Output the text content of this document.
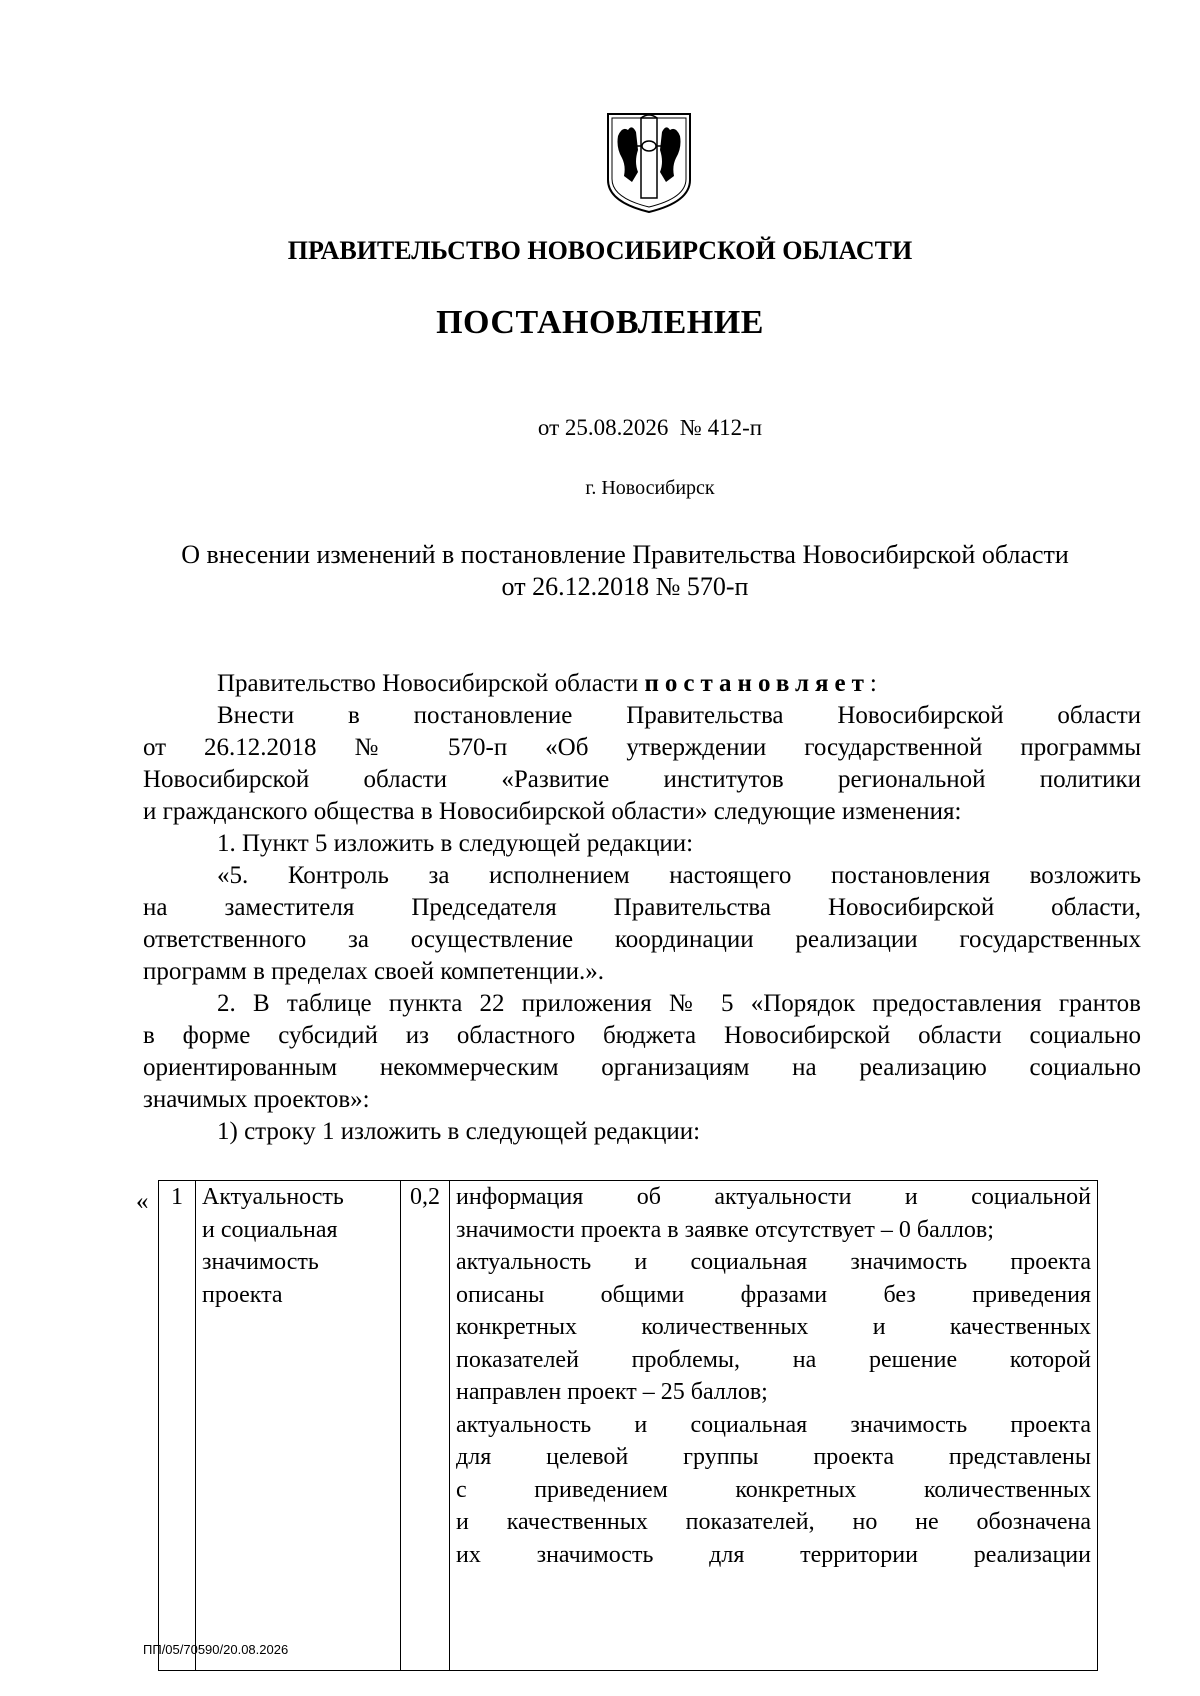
ПРАВИТЕЛЬСТВО НОВОСИБИРСКОЙ ОБЛАСТИ
ПОСТАНОВЛЕНИЕ
от 25.08.2026  № 412-п
г. Новосибирск
О внесении изменений в постановление Правительства Новосибирской области
от 26.12.2018 № 570-п

Правительство Новосибирской области постановляет:

Внести в постановление Правительства Новосибирской области

от 26.12.2018 № 570-п «Об утверждении государственной программы

Новосибирской области «Развитие институтов региональной политики

и гражданского общества в Новосибирской области» следующие изменения:

1. Пункт 5 изложить в следующей редакции:

«5. Контроль за исполнением настоящего постановления возложить

на заместителя Председателя Правительства Новосибирской области,

ответственного за осуществление координации реализации государственных

программ в пределах своей компетенции.».

2. В таблице пункта 22 приложения № 5 «Порядок предоставления грантов

в форме субсидий из областного бюджета Новосибирской области социально

ориентированным некоммерческим организациям на реализацию социально

значимых проектов»:

1) строку 1 изложить в следующей редакции:

« 1	Актуальность
и социальная
значимость
проекта
	0,2	информация об актуальности и социальной
значимости проекта в заявке отсутствует – 0 баллов;
актуальность и социальная значимость проекта
описаны общими фразами без приведения
конкретных количественных и качественных
показателей проблемы, на решение которой
направлен проект – 25 баллов;
актуальность и социальная значимость проекта
для целевой группы проекта представлены
с приведением конкретных количественных
и качественных показателей, но не обозначена
их значимость для территории реализации
ПП/05/70590/20.08.2026
